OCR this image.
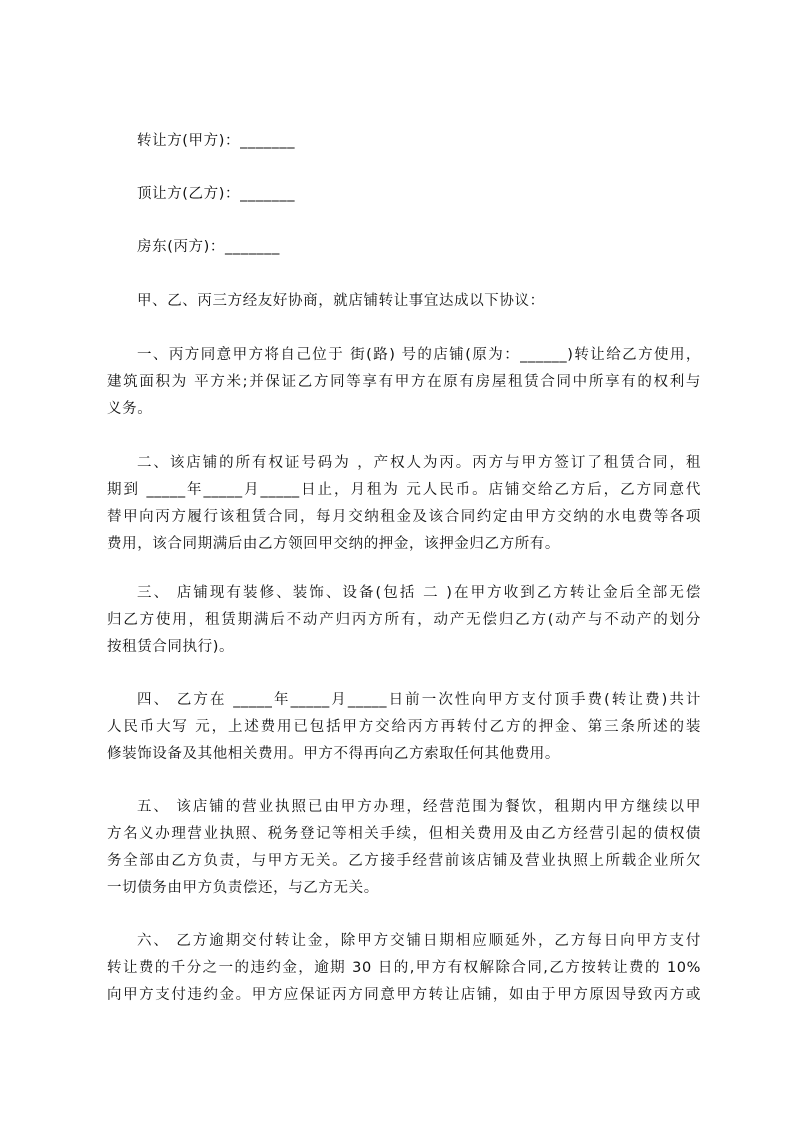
转让方(甲方)：_______
顶让方(乙方)：_______
房东(丙方)：_______
甲、乙、丙三方经友好协商，就店铺转让事宜达成以下协议：
一、丙方同意甲方将自己位于 街(路) 号的店铺(原为：______)转让给乙方使用，
建筑面积为 平方米;并保证乙方同等享有甲方在原有房屋租赁合同中所享有的权利与
义务。
二、该店铺的所有权证号码为 ，产权人为丙。丙方与甲方签订了租赁合同，租
期到 _____年_____月_____日止，月租为 元人民币。店铺交给乙方后，乙方同意代
替甲向丙方履行该租赁合同，每月交纳租金及该合同约定由甲方交纳的水电费等各项
费用，该合同期满后由乙方领回甲交纳的押金，该押金归乙方所有。
三、 店铺现有装修、装饰、设备(包括 二 )在甲方收到乙方转让金后全部无偿
归乙方使用，租赁期满后不动产归丙方所有，动产无偿归乙方(动产与不动产的划分
按租赁合同执行)。
四、 乙方在 _____年_____月_____日前一次性向甲方支付顶手费(转让费)共计
人民币大写 元，上述费用已包括甲方交给丙方再转付乙方的押金、第三条所述的装
修装饰设备及其他相关费用。甲方不得再向乙方索取任何其他费用。
五、 该店铺的营业执照已由甲方办理，经营范围为餐饮，租期内甲方继续以甲
方名义办理营业执照、税务登记等相关手续，但相关费用及由乙方经营引起的债权债
务全部由乙方负责，与甲方无关。乙方接手经营前该店铺及营业执照上所载企业所欠
一切债务由甲方负责偿还，与乙方无关。
六、 乙方逾期交付转让金，除甲方交铺日期相应顺延外，乙方每日向甲方支付
转让费的千分之一的违约金，逾期 30 日的,甲方有权解除合同,乙方按转让费的 10%
向甲方支付违约金。甲方应保证丙方同意甲方转让店铺，如由于甲方原因导致丙方或
